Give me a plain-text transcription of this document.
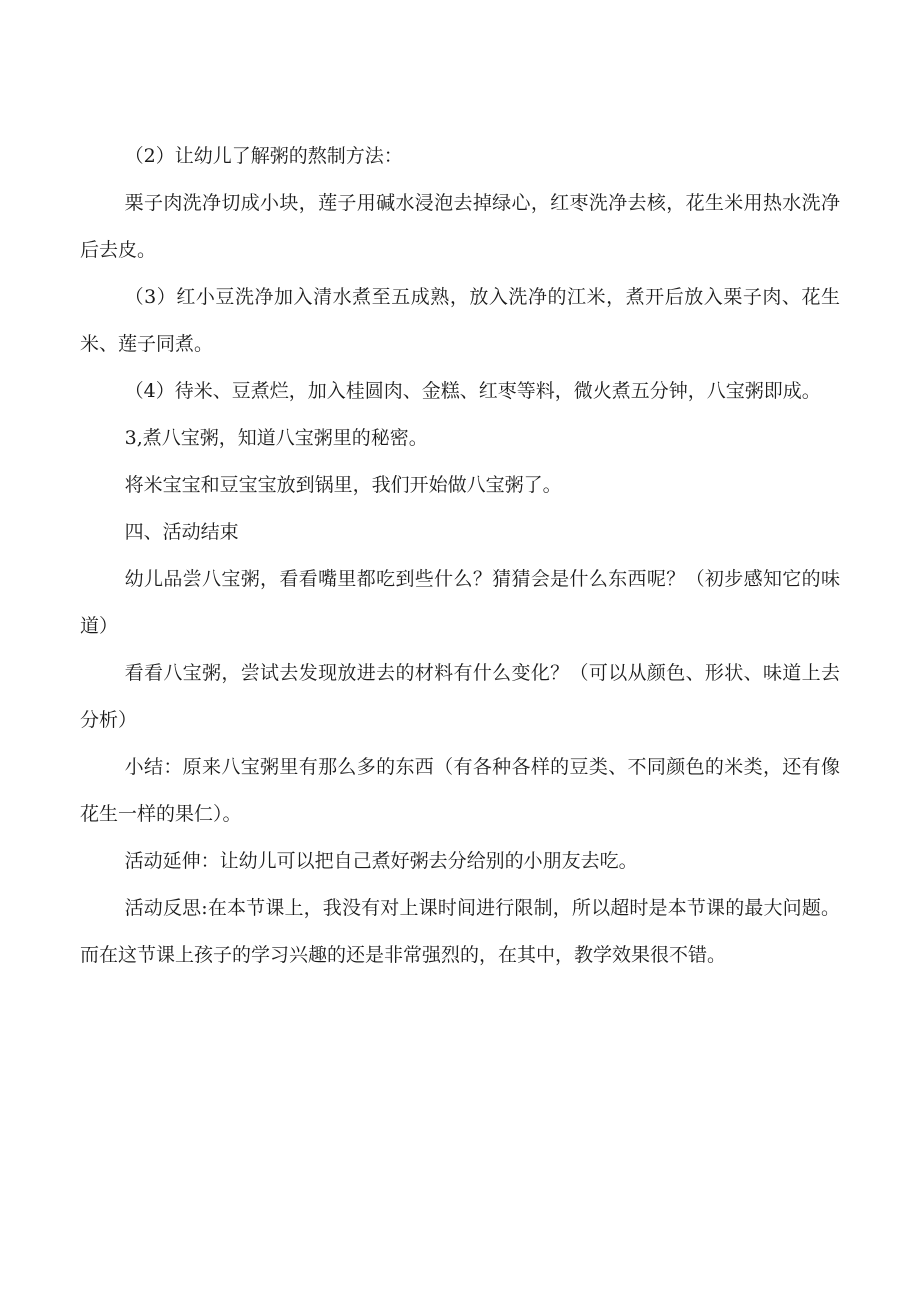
（2）让幼儿了解粥的熬制方法：

栗子肉洗净切成小块，莲子用碱水浸泡去掉绿心，红枣洗净去核，花生米用热水洗净后去皮。

（3）红小豆洗净加入清水煮至五成熟，放入洗净的江米，煮开后放入栗子肉、花生米、莲子同煮。

（4）待米、豆煮烂，加入桂圆肉、金糕、红枣等料，微火煮五分钟，八宝粥即成。

3,煮八宝粥，知道八宝粥里的秘密。

将米宝宝和豆宝宝放到锅里，我们开始做八宝粥了。

四、活动结束

幼儿品尝八宝粥，看看嘴里都吃到些什么？猜猜会是什么东西呢？（初步感知它的味道）

看看八宝粥，尝试去发现放进去的材料有什么变化？（可以从颜色、形状、味道上去分析）

小结：原来八宝粥里有那么多的东西（有各种各样的豆类、不同颜色的米类，还有像花生一样的果仁）。

活动延伸：让幼儿可以把自己煮好粥去分给别的小朋友去吃。

活动反思:在本节课上，我没有对上课时间进行限制，所以超时是本节课的最大问题。而在这节课上孩子的学习兴趣的还是非常强烈的，在其中，教学效果很不错。
